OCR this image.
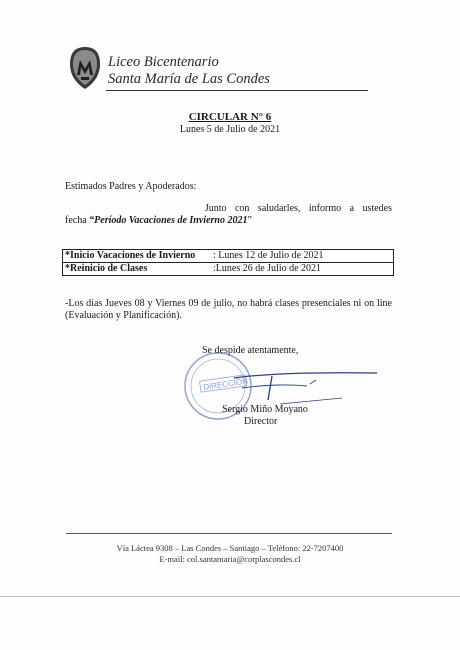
Liceo Bicentenario
Santa María de Las Condes
CIRCULAR N° 6
Lunes 5 de Julio de 2021
Estimados Padres y Apoderados:
Junto con saludarles, informo a ustedes
fecha “Período Vacaciones de Invierno 2021”
*Inicio Vacaciones de Invierno	: Lunes 12 de Julio de 2021
*Reinicio de Clases	:Lunes 26 de Julio de 2021
-Los días Jueves 08 y Viernes 09 de julio, no habrá clases presenciales ni on line (Evaluación y Planificación).
DIRECCIÓN
Se despide atentamente,
Sergio Miño Moyano
Director
Vía Láctea 9308 – Las Condes – Santiago – Teléfono: 22-7207400
E-mail: col.santamaria@corplascondes.cl
